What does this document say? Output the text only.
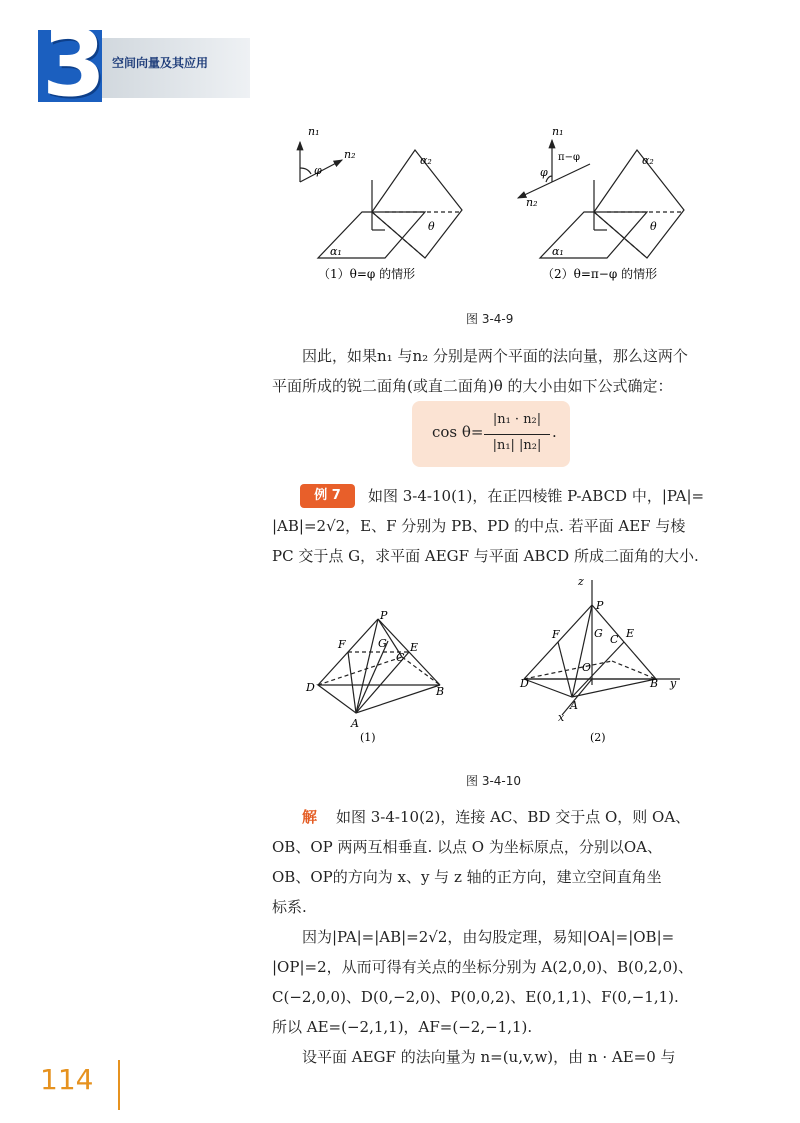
3 空间向量及其应用
n₁
n₂
φ
α₂
α₁
θ
（1）θ=φ 的情形
n₁
π−φ
φ
n₂
α₂
α₁
θ
（2）θ=π−φ 的情形
图 3-4-9
因此，如果n₁ 与n₂ 分别是两个平面的法向量，那么这两个
平面所成的锐二面角(或直二面角)θ 的大小由如下公式确定：
cos θ=
|n₁ · n₂|
|n₁| |n₂|
.
例 7	如图 3-4-10(1)，在正四棱锥 P-ABCD 中，|PA|=
|AB|=2√2，E、F 分别为 PB、PD 的中点. 若平面 AEF 与棱
PC 交于点 G，求平面 AEGF 与平面 ABCD 所成二面角的大小.
P
F	G
C
E
D	B
A
(1)
z
P
F	G C E
O
D	B y
A
x
(2)
图 3-4-10
解	如图 3-4-10(2)，连接 AC、BD 交于点 O，则 OA、
OB、OP 两两互相垂直. 以点 O 为坐标原点，分别以OA、
OB、OP的方向为 x、y 与 z 轴的正方向，建立空间直角坐
标系.
因为|PA|=|AB|=2√2，由勾股定理，易知|OA|=|OB|=
|OP|=2，从而可得有关点的坐标分别为 A(2,0,0)、B(0,2,0)、
C(−2,0,0)、D(0,−2,0)、P(0,0,2)、E(0,1,1)、F(0,−1,1).
所以 AE=(−2,1,1)，AF=(−2,−1,1).
设平面 AEGF 的法向量为 n=(u,v,w)，由 n · AE=0 与
114
